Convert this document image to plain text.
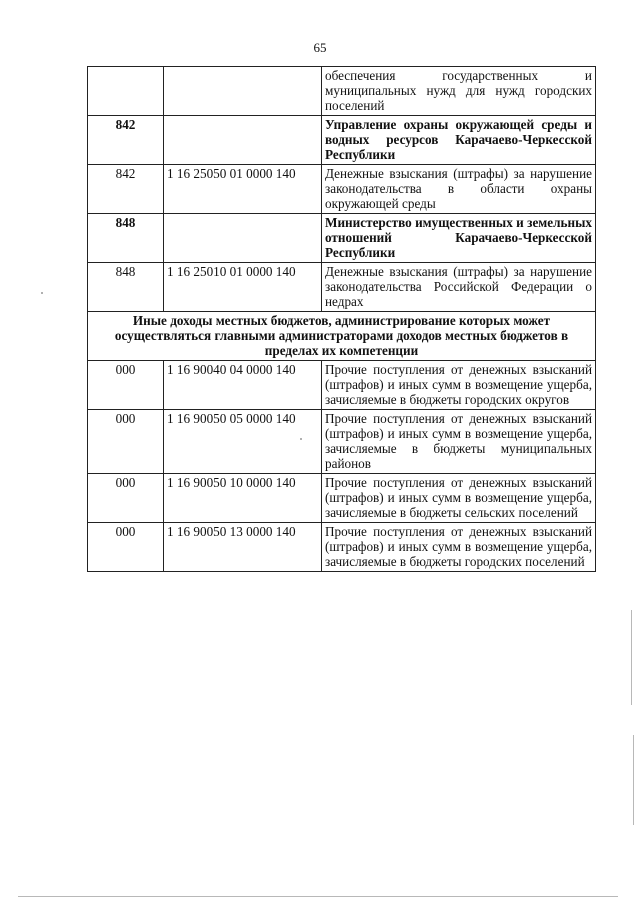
65
		обеспечения государственных и муниципальных нужд для нужд городских поселений
842		Управление охраны окружающей среды и водных ресурсов Карачаево-Черкесской Республики
842	1 16 25050 01 0000 140	Денежные взыскания (штрафы) за нарушение законодательства в области охраны окружающей среды
848		Министерство имущественных и земельных отношений Карачаево-Черкесской Республики
848	1 16 25010 01 0000 140	Денежные взыскания (штрафы) за нарушение законодательства Российской Федерации о недрах
Иные доходы местных бюджетов, администрирование которых может осуществляться главными администраторами доходов местных бюджетов в пределах их компетенции		
000	1 16 90040 04 0000 140	Прочие поступления от денежных взысканий (штрафов) и иных сумм в возмещение ущерба, зачисляемые в бюджеты городских округов
000	1 16 90050 05 0000 140	Прочие поступления от денежных взысканий (штрафов) и иных сумм в возмещение ущерба, зачисляемые в бюджеты муниципальных районов
000	1 16 90050 10 0000 140	Прочие поступления от денежных взысканий (штрафов) и иных сумм в возмещение ущерба, зачисляемые в бюджеты сельских поселений
000	1 16 90050 13 0000 140	Прочие поступления от денежных взысканий (штрафов) и иных сумм в возмещение ущерба, зачисляемые в бюджеты городских поселений
